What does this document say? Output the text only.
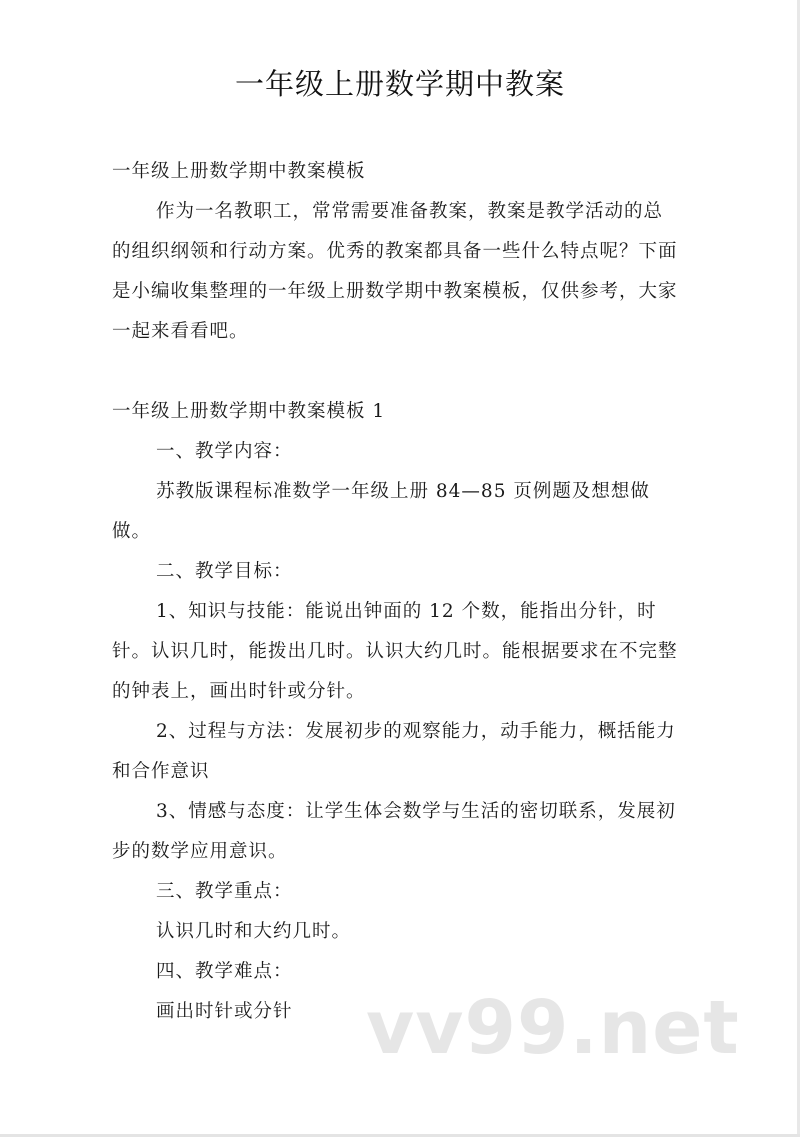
一年级上册数学期中教案

一年级上册数学期中教案模板

作为一名教职工，常常需要准备教案，教案是教学活动的总的组织纲领和行动方案。优秀的教案都具备一些什么特点呢？下面是小编收集整理的一年级上册数学期中教案模板，仅供参考，大家一起来看看吧。

一年级上册数学期中教案模板 1

一、教学内容：

苏教版课程标准数学一年级上册 84—85 页例题及想想做做。

二、教学目标：

1、知识与技能：能说出钟面的 12 个数，能指出分针，时针。认识几时，能拨出几时。认识大约几时。能根据要求在不完整的钟表上，画出时针或分针。

2、过程与方法：发展初步的观察能力，动手能力，概括能力和合作意识

3、情感与态度：让学生体会数学与生活的密切联系，发展初步的数学应用意识。

三、教学重点：

认识几时和大约几时。

四、教学难点：

画出时针或分针 vv99.net
